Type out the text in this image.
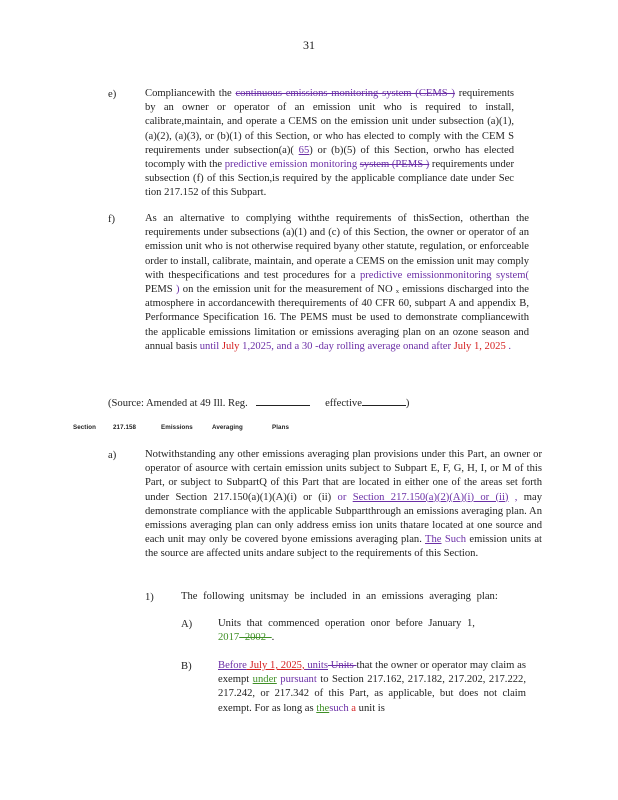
31
e)	Compliancewith the continuous emissions monitoring system (CEMS ) requirements by an owner or operator of an emission unit who is required to install, calibrate,maintain, and operate a CEMS on the emission unit under subsection (a)(1), (a)(2), (a)(3), or (b)(1) of this Section, or who has elected to comply with the CEM S requirements under subsection(a)( 65) or (b)(5) of this Section, orwho has elected tocomply with the predictive emission monitoring system (PEMS ) requirements under subsection (f) of this Section,is required by the applicable compliance date under Sec tion 217.152 of this Subpart.
f)	As an alternative to complying withthe requirements of thisSection, otherthan the requirements under subsections (a)(1) and (c) of this Section, the owner or operator of an emission unit who is not otherwise required byany other statute, regulation, or enforceable order to install, calibrate, maintain, and operate a CEMS on the emission unit may comply with thespecifications and test procedures for a predictive emissionmonitoring system( PEMS ) on the emission unit for the measurement of NO ₓ emissions discharged into the atmosphere in accordancewith therequirements of 40 CFR 60, subpart A and appendix B, Performance Specification 16. The PEMS must be used to demonstrate compliancewith the applicable emissions limitation or emissions averaging plan on an ozone season and annual basis until July 1,2025, and a 30 -day rolling average onand after July 1, 2025 .
(Source: Amended at 49 Ill. Reg.	effective	)
Section	217.158	Emissions	Averaging	Plans
a)	Notwithstanding any other emissions averaging plan provisions under this Part, an owner or operator of asource with certain emission units subject to Subpart E, F, G, H, I, or M of this Part, or subject to SubpartQ of this Part that are located in either one of the areas set forth under Section 217.150(a)(1)(A)(i) or (ii) or Section 217.150(a)(2)(A)(i) or (ii) , may demonstrate compliance with the applicable Subpartthrough an emissions averaging plan. An emissions averaging plan can only address emiss ion units thatare located at one source and each unit may only be covered byone emissions averaging plan. The Such emission units at the source are affected units andare subject to the requirements of this Section.
1)	The following unitsmay be included in an emissions averaging plan:
A) Units that commenced operation onor before January 1, 2017 2002 .
B) Before July 1, 2025, units Units that the owner or operator may claim as exempt under pursuant to Section 217.162, 217.182, 217.202, 217.222, 217.242, or 217.342 of this Part, as applicable, but does not claim exempt. For as long as thesuch a unit is
